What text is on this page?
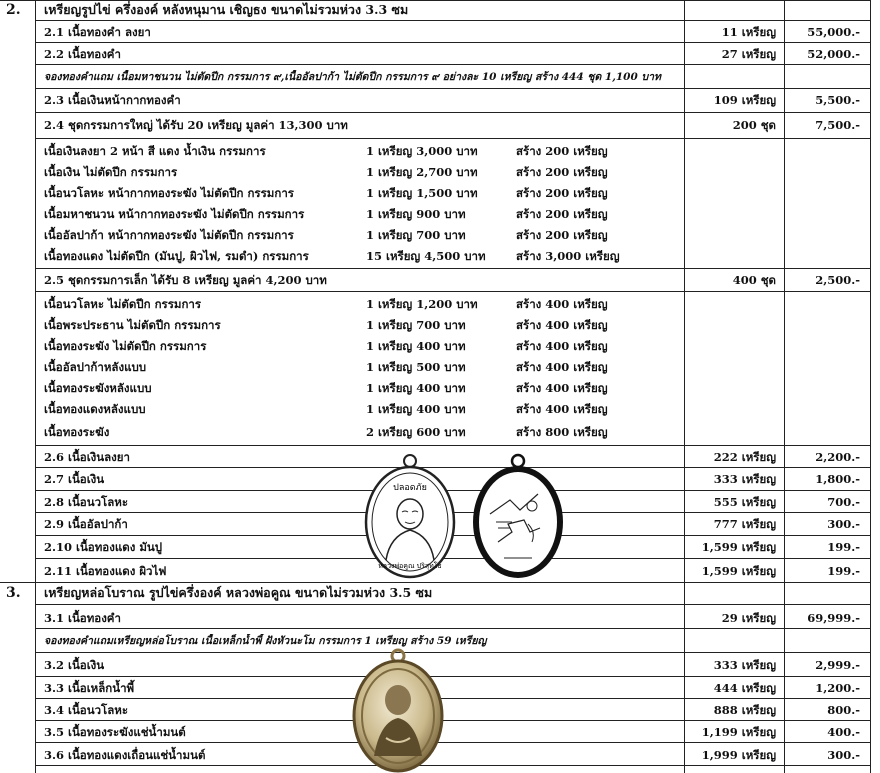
2. เหรียญรูปไข่ ครึ่งองค์ หลังหนุมาน เชิญธง ขนาดไม่รวมห่วง 3.3 ซม
2.1 เนื้อทองคำ ลงยา	11 เหรียญ	55,000.-
2.2 เนื้อทองคำ	27 เหรียญ	52,000.-
จองทองคำแถม เนื้อมหาชนวน ไม่ตัดปีก กรรมการ ๙,เนื้ออัลปาก้า ไม่ตัดปีก กรรมการ ๙ อย่างละ 10 เหรียญ สร้าง 444 ชุด 1,100 บาท
2.3 เนื้อเงินหน้ากากทองคำ	109 เหรียญ	5,500.-
2.4 ชุดกรรมการใหญ่ ได้รับ 20 เหรียญ มูลค่า 13,300 บาท	200 ชุด	7,500.-
เนื้อเงินลงยา 2 หน้า สี แดง น้ำเงิน กรรมการ	1 เหรียญ 3,000 บาท	สร้าง 200 เหรียญ
เนื้อเงิน ไม่ตัดปีก กรรมการ	1 เหรียญ 2,700 บาท	สร้าง 200 เหรียญ
เนื้อนวโลหะ หน้ากากทองระฆัง ไม่ตัดปีก กรรมการ	1 เหรียญ 1,500 บาท	สร้าง 200 เหรียญ
เนื้อมหาชนวน หน้ากากทองระฆัง ไม่ตัดปีก กรรมการ	1 เหรียญ 900 บาท	สร้าง 200 เหรียญ
เนื้ออัลปาก้า หน้ากากทองระฆัง ไม่ตัดปีก กรรมการ	1 เหรียญ 700 บาท	สร้าง 200 เหรียญ
เนื้อทองแดง ไม่ตัดปีก (มันปู, ผิวไฟ, รมดำ) กรรมการ	15 เหรียญ 4,500 บาท	สร้าง 3,000 เหรียญ
2.5 ชุดกรรมการเล็ก ได้รับ 8 เหรียญ มูลค่า 4,200 บาท	400 ชุด	2,500.-
เนื้อนวโลหะ ไม่ตัดปีก กรรมการ	1 เหรียญ 1,200 บาท	สร้าง 400 เหรียญ
เนื้อพระประธาน ไม่ตัดปีก กรรมการ	1 เหรียญ 700 บาท	สร้าง 400 เหรียญ
เนื้อทองระฆัง ไม่ตัดปีก กรรมการ	1 เหรียญ 400 บาท	สร้าง 400 เหรียญ
เนื้ออัลปาก้าหลังแบบ	1 เหรียญ 500 บาท	สร้าง 400 เหรียญ
เนื้อทองระฆังหลังแบบ	1 เหรียญ 400 บาท	สร้าง 400 เหรียญ
เนื้อทองแดงหลังแบบ	1 เหรียญ 400 บาท	สร้าง 400 เหรียญ
เนื้อทองระฆัง	2 เหรียญ 600 บาท	สร้าง 800 เหรียญ
2.6 เนื้อเงินลงยา	222 เหรียญ	2,200.-
2.7 เนื้อเงิน	333 เหรียญ	1,800.-
2.8 เนื้อนวโลหะ	555 เหรียญ	700.-
2.9 เนื้ออัลปาก้า	777 เหรียญ	300.-
2.10 เนื้อทองแดง มันปู	1,599 เหรียญ	199.-
2.11 เนื้อทองแดง ผิวไฟ	1,599 เหรียญ	199.-
ปลอดภัย
หลวงพ่อคูณ ปริสุทโธ
3. เหรียญหล่อโบราณ รูปไข่ครึ่งองค์ หลวงพ่อคูณ ขนาดไม่รวมห่วง 3.5 ซม
3.1 เนื้อทองคำ	29 เหรียญ	69,999.-
จองทองคำแถมเหรียญหล่อโบราณ เนื้อเหล็กน้ำพี้ ฝังหัวนะโม กรรมการ 1 เหรียญ สร้าง 59 เหรียญ
3.2 เนื้อเงิน	333 เหรียญ	2,999.-
3.3 เนื้อเหล็กน้ำพี้	444 เหรียญ	1,200.-
3.4 เนื้อนวโลหะ	888 เหรียญ	800.-
3.5 เนื้อทองระฆังแช่น้ำมนต์	1,199 เหรียญ	400.-
3.6 เนื้อทองแดงเถื่อนแช่น้ำมนต์	1,999 เหรียญ	300.-
